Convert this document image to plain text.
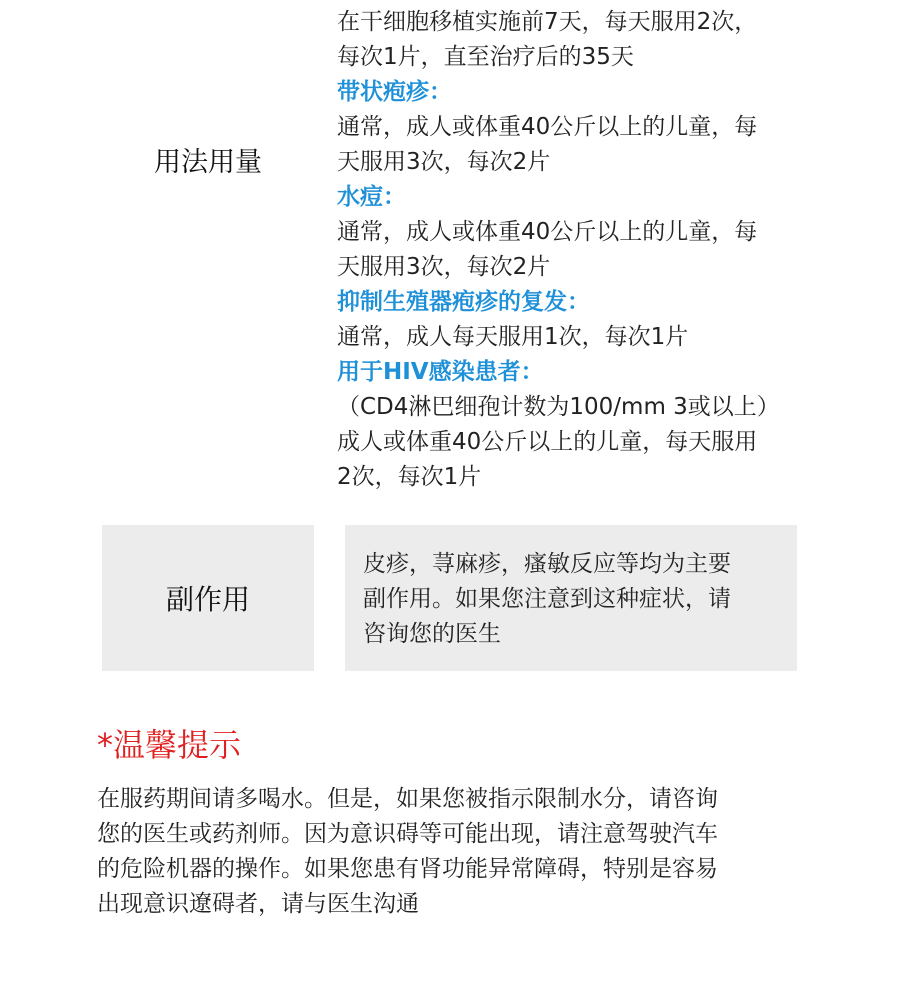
用法用量
在干细胞移植实施前7天，每天服用2次，
每次1片，直至治疗后的35天
带状疱疹：
通常，成人或体重40公斤以上的儿童，每
天服用3次，每次2片
水痘：
通常，成人或体重40公斤以上的儿童，每
天服用3次，每次2片
抑制生殖器疱疹的复发：
通常，成人每天服用1次，每次1片
用于HIV感染患者：
（CD4淋巴细孢计数为100/mm 3或以上）
成人或体重40公斤以上的儿童，每天服用
2次，每次1片
副作用
皮疹，荨麻疹，瘙敏反应等均为主要
副作用。如果您注意到这种症状，请
咨询您的医生
*温馨提示
在服药期间请多喝水。但是，如果您被指示限制水分，请咨询
您的医生或药剂师。因为意识碍等可能出现，请注意驾驶汽车
的危险机器的操作。如果您患有肾功能异常障碍，特别是容易
出现意识遼碍者，请与医生沟通
